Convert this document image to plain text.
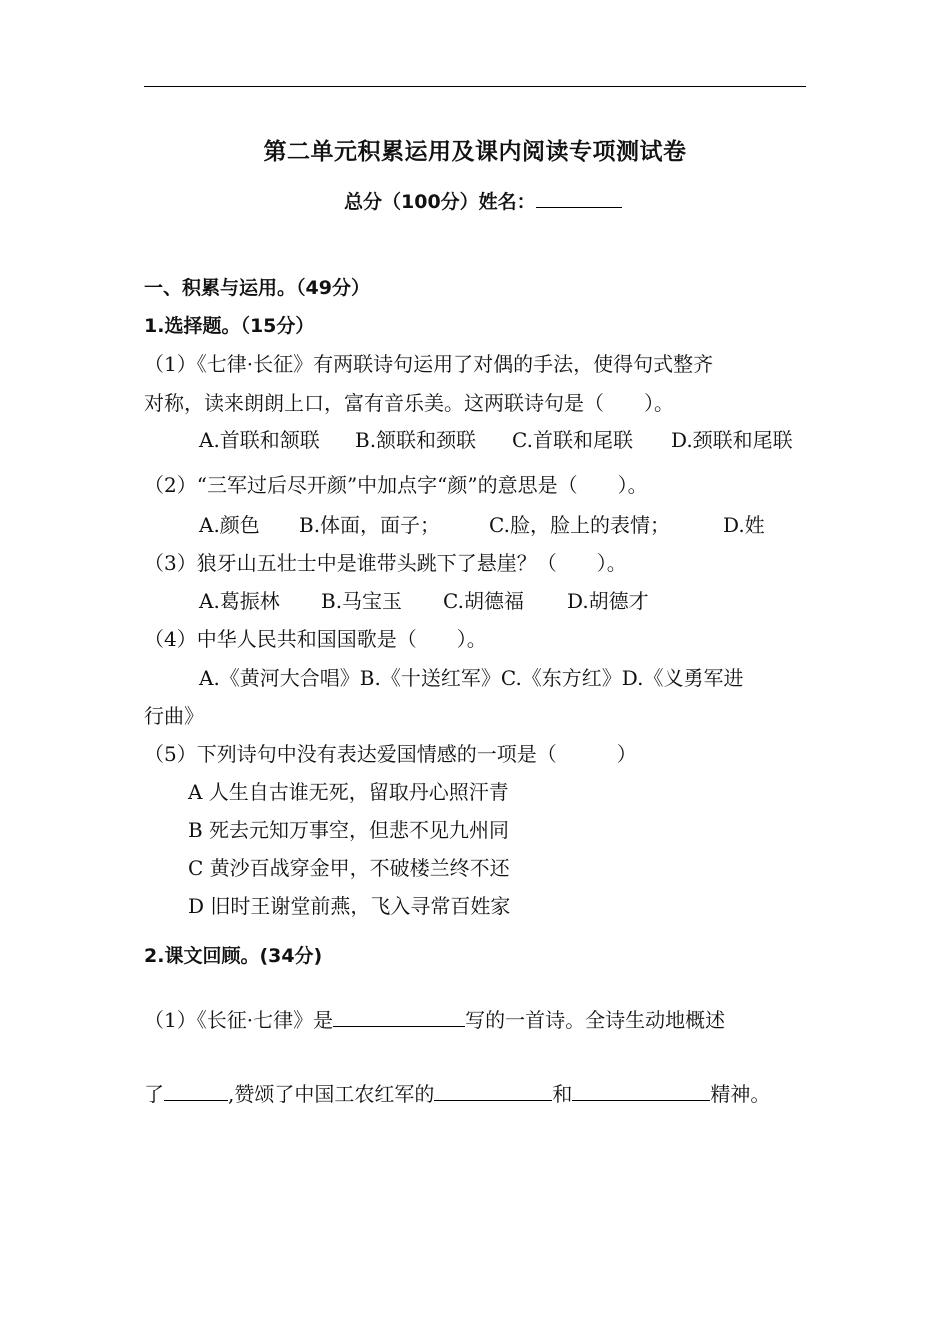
第二单元积累运用及课内阅读专项测试卷
总分（100分）姓名：
一、积累与运用。（49分）
1.选择题。（15分）
（1）《七律·长征》有两联诗句运用了对偶的手法，使得句式整齐
对称，读来朗朗上口，富有音乐美。这两联诗句是（　　）。
A.首联和颔联 B.颔联和颈联 C.首联和尾联 D.颈联和尾联
（2）“三军过后尽开颜”中加点字“颜”的意思是（　　）。
A.颜色 B.体面，面子； C.脸，脸上的表情；	D.姓
（3）狼牙山五壮士中是谁带头跳下了悬崖？（　　）。
A.葛振林 B.马宝玉 C.胡德福 D.胡德才
（4）中华人民共和国国歌是（　　）。
A.《黄河大合唱》B.《十送红军》C.《东方红》D.《义勇军进
行曲》
（5）下列诗句中没有表达爱国情感的一项是（　　　）
A 人生自古谁无死，留取丹心照汗青
B 死去元知万事空，但悲不见九州同
C 黄沙百战穿金甲，不破楼兰终不还
D 旧时王谢堂前燕，飞入寻常百姓家
2.课文回顾。(34分)
（1）《长征·七律》是	写的一首诗。全诗生动地概述
了	,赞颂了中国工农红军的	和	精神。
